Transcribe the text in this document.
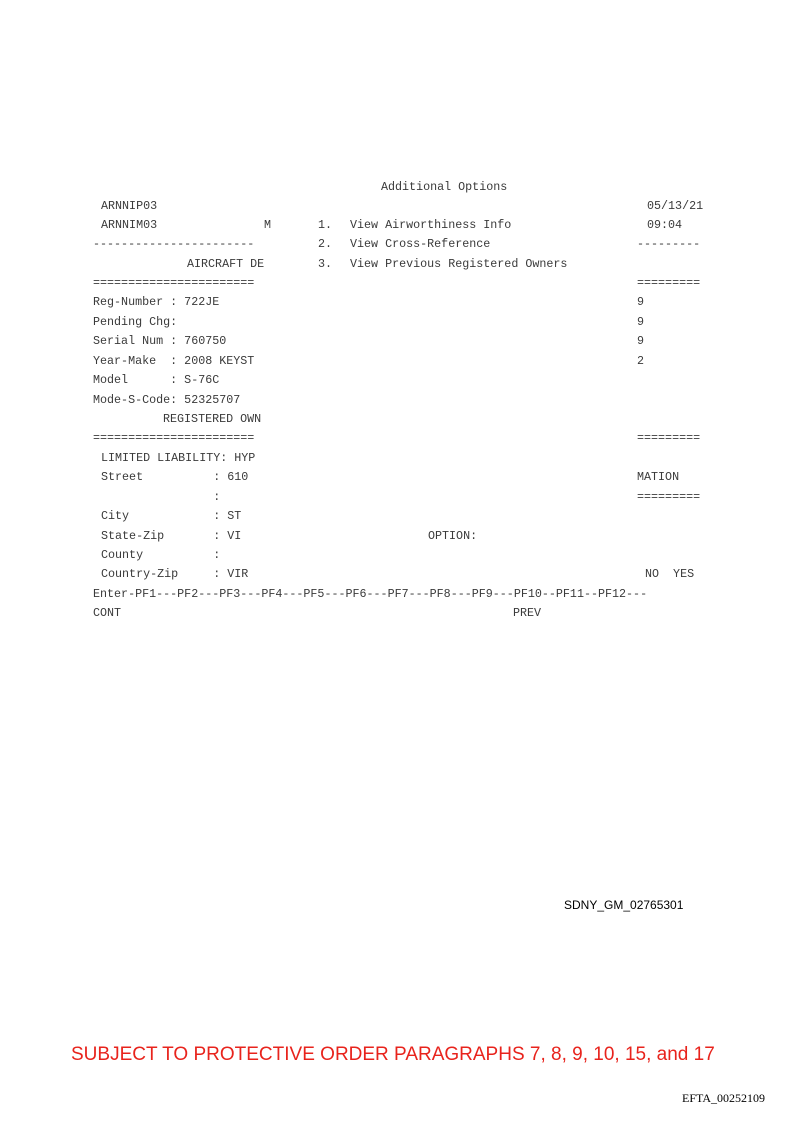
Additional Options
ARNNIP03	05/13/21
ARNNIM03	M	09:04
1. View Airworthiness Info
-----------------------	2. View Cross-Reference	---------
AIRCRAFT DE	3. View Previous Registered Owners
=======================	=========
Reg-Number : 722JE	9
Pending Chg:	9
Serial Num : 760750	9
Year-Make  : 2008 KEYST	2
Model      : S-76C
Mode-S-Code: 52325707
REGISTERED OWN
=======================	=========
LIMITED LIABILITY: HYP
Street          : 610	MATION
:	=========
City            : ST
State-Zip       : VI	OPTION:
County          :
Country-Zip     : VIR	NO  YES
Enter-PF1---PF2---PF3---PF4---PF5---PF6---PF7---PF8---PF9---PF10--PF11--PF12---
CONT	PREV
SDNY_GM_02765301
SUBJECT TO PROTECTIVE ORDER PARAGRAPHS 7, 8, 9, 10, 15, and 17
EFTA_00252109
